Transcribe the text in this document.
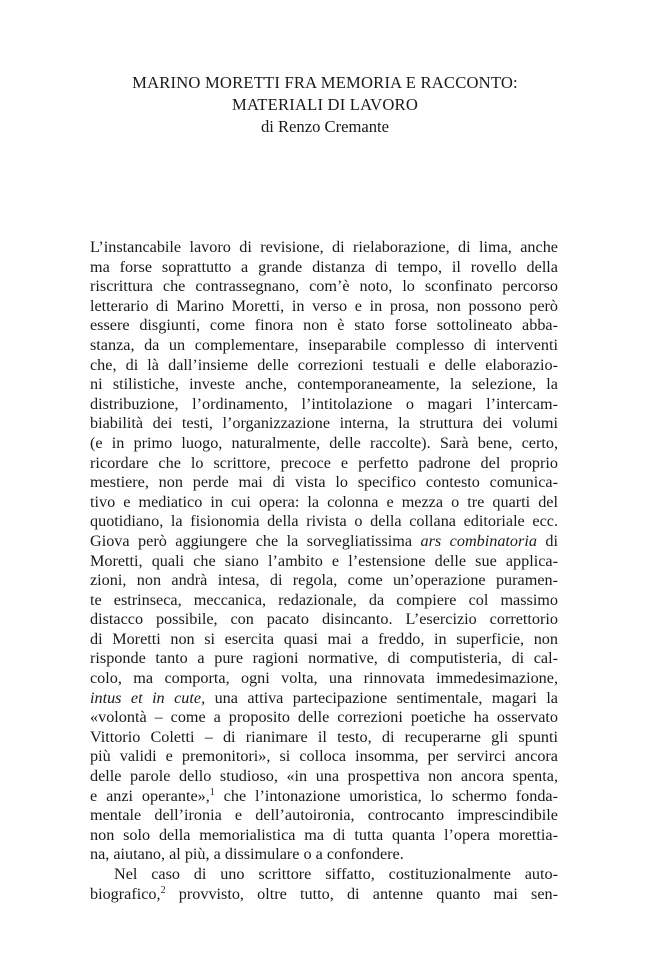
MARINO MORETTI FRA MEMORIA E RACCONTO:
MATERIALI DI LAVORO
di Renzo Cremante
L’instancabile lavoro di revisione, di rielaborazione, di lima, anche
ma forse soprattutto a grande distanza di tempo, il rovello della
riscrittura che contrassegnano, com’è noto, lo sconfinato percorso
letterario di Marino Moretti, in verso e in prosa, non possono però
essere disgiunti, come finora non è stato forse sottolineato abba-
stanza, da un complementare, inseparabile complesso di interventi
che, di là dall’insieme delle correzioni testuali e delle elaborazio-
ni stilistiche, investe anche, contemporaneamente, la selezione, la
distribuzione, l’ordinamento, l’intitolazione o magari l’intercam-
biabilità dei testi, l’organizzazione interna, la struttura dei volumi
(e in primo luogo, naturalmente, delle raccolte). Sarà bene, certo,
ricordare che lo scrittore, precoce e perfetto padrone del proprio
mestiere, non perde mai di vista lo specifico contesto comunica-
tivo e mediatico in cui opera: la colonna e mezza o tre quarti del
quotidiano, la fisionomia della rivista o della collana editoriale ecc.
Giova però aggiungere che la sorvegliatissima ars combinatoria di
Moretti, quali che siano l’ambito e l’estensione delle sue applica-
zioni, non andrà intesa, di regola, come un’operazione puramen-
te estrinseca, meccanica, redazionale, da compiere col massimo
distacco possibile, con pacato disincanto. L’esercizio correttorio
di Moretti non si esercita quasi mai a freddo, in superficie, non
risponde tanto a pure ragioni normative, di computisteria, di cal-
colo, ma comporta, ogni volta, una rinnovata immedesimazione,
intus et in cute, una attiva partecipazione sentimentale, magari la
«volontà – come a proposito delle correzioni poetiche ha osservato
Vittorio Coletti – di rianimare il testo, di recuperarne gli spunti
più validi e premonitori», si colloca insomma, per servirci ancora
delle parole dello studioso, «in una prospettiva non ancora spenta,
e anzi operante»,$^1$ che l’intonazione umoristica, lo schermo fonda-
mentale dell’ironia e dell’autoironia, controcanto imprescindibile
non solo della memorialistica ma di tutta quanta l’opera morettia-
na, aiutano, al più, a dissimulare o a confondere.
Nel caso di uno scrittore siffatto, costituzionalmente auto-
biografico,$^2$ provvisto, oltre tutto, di antenne quanto mai sen-
